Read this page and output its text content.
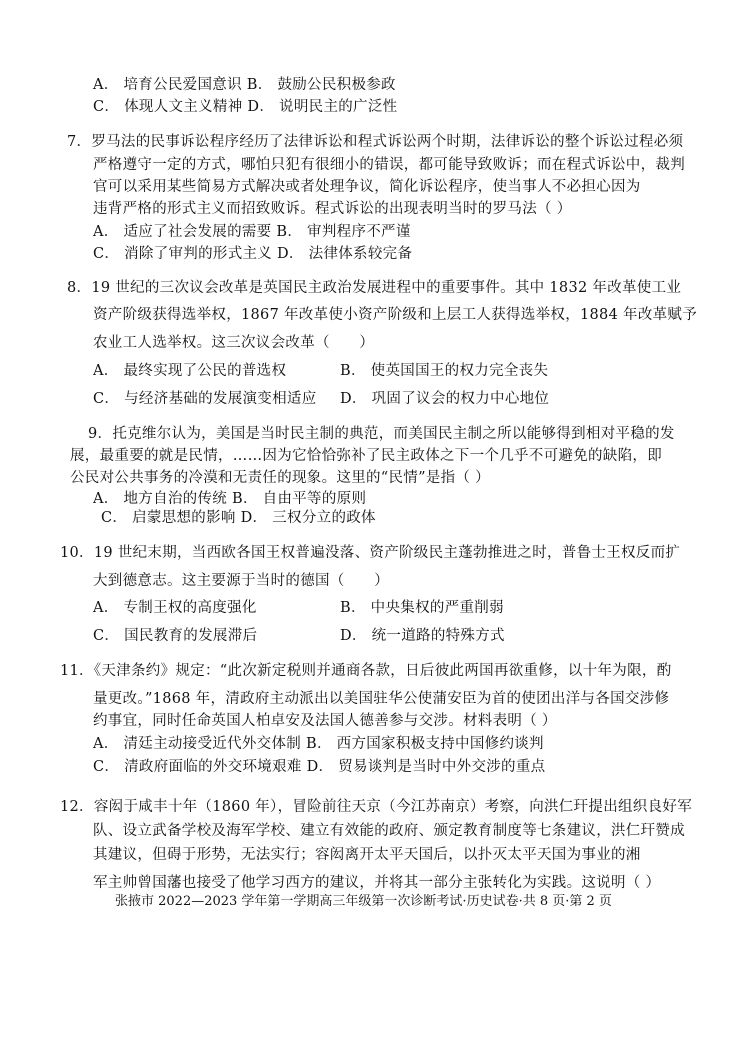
A． 培育公民爱国意识 B． 鼓励公民积极参政
C． 体现人文主义精神 D． 说明民主的广泛性
7．罗马法的民事诉讼程序经历了法律诉讼和程式诉讼两个时期，法律诉讼的整个诉讼过程必须
严格遵守一定的方式，哪怕只犯有很细小的错误，都可能导致败诉；而在程式诉讼中，裁判
官可以采用某些简易方式解决或者处理争议，简化诉讼程序，使当事人不必担心因为
违背严格的形式主义而招致败诉。程式诉讼的出现表明当时的罗马法（ ）
A． 适应了社会发展的需要 B． 审判程序不严谨
C． 消除了审判的形式主义 D． 法律体系较完备
8．19 世纪的三次议会改革是英国民主政治发展进程中的重要事件。其中 1832 年改革使工业
资产阶级获得选举权，1867 年改革使小资产阶级和上层工人获得选举权，1884 年改革赋予
农业工人选举权。这三次议会改革（　　）
A． 最终实现了公民的普选权	B． 使英国国王的权力完全丧失
C． 与经济基础的发展演变相适应 D． 巩固了议会的权力中心地位
9．托克维尔认为，美国是当时民主制的典范，而美国民主制之所以能够得到相对平稳的发
展，最重要的就是民情，……因为它恰恰弥补了民主政体之下一个几乎不可避免的缺陷，即
公民对公共事务的冷漠和无责任的现象。这里的“民情”是指（ ）
A． 地方自治的传统 B． 自由平等的原则
C． 启蒙思想的影响 D． 三权分立的政体
10．19 世纪末期，当西欧各国王权普遍没落、资产阶级民主蓬勃推进之时，普鲁士王权反而扩
大到德意志。这主要源于当时的德国（　　）
A． 专制王权的高度强化	B． 中央集权的严重削弱
C． 国民教育的发展滞后	D． 统一道路的特殊方式
11．《天津条约》规定：“此次新定税则并通商各款，日后彼此两国再欲重修，以十年为限，酌
量更改。”1868 年，清政府主动派出以美国驻华公使蒲安臣为首的使团出洋与各国交涉修
约事宜，同时任命英国人柏卓安及法国人德善参与交涉。材料表明（ ）
A． 清廷主动接受近代外交体制 B． 西方国家积极支持中国修约谈判
C． 清政府面临的外交环境艰难 D． 贸易谈判是当时中外交涉的重点
12．容闳于咸丰十年（1860 年），冒险前往天京（今江苏南京）考察，向洪仁玕提出组织良好军
队、设立武备学校及海军学校、建立有效能的政府、颁定教育制度等七条建议，洪仁玕赞成
其建议，但碍于形势，无法实行；容闳离开太平天国后，以扑灭太平天国为事业的湘
军主帅曾国藩也接受了他学习西方的建议，并将其一部分主张转化为实践。这说明（ ）
张掖市 2022—2023 学年第一学期高三年级第一次诊断考试·历史试卷·共 8 页·第 2 页
